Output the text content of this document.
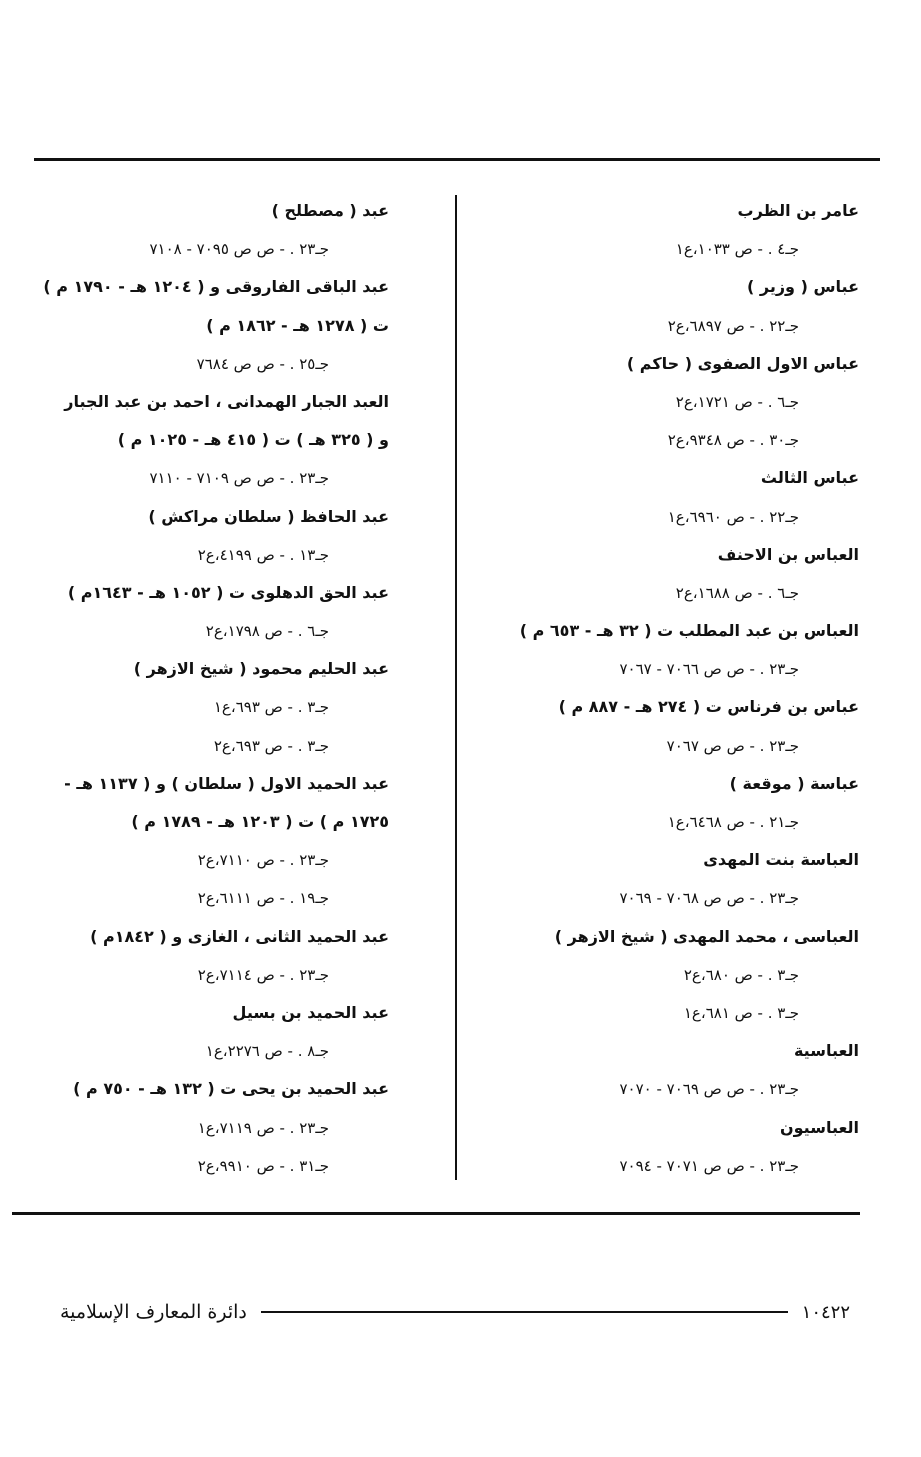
عامر بن الظرب
جـ٤ . - ص ١٠٣٣،ع١
عباس ( وزير )
جـ٢٢ . - ص ٦٨٩٧،ع٢
عباس الاول الصفوى ( حاكم )
جـ٦ . - ص ١٧٢١،ع٢
جـ٣٠ . - ص ٩٣٤٨،ع٢
عباس الثالث
جـ٢٢ . - ص ٦٩٦٠،ع١
العباس بن الاحنف
جـ٦ . - ص ١٦٨٨،ع٢
العباس بن عبد المطلب ت ( ٣٢ هـ - ٦٥٣ م )
جـ٢٣ . - ص ص ٧٠٦٦ - ٧٠٦٧
عباس بن فرناس ت ( ٢٧٤ هـ - ٨٨٧ م )
جـ٢٣ . - ص ص ٧٠٦٧
عباسة ( موقعة )
جـ٢١ . - ص ٦٤٦٨،ع١
العباسة بنت المهدى
جـ٢٣ . - ص ص ٧٠٦٨ - ٧٠٦٩
العباسى ، محمد المهدى ( شيخ الازهر )
جـ٣ . - ص ٦٨٠،ع٢
جـ٣ . - ص ٦٨١،ع١
العباسية
جـ٢٣ . - ص ص ٧٠٦٩ - ٧٠٧٠
العباسيون
جـ٢٣ . - ص ص ٧٠٧١ - ٧٠٩٤
عبد ( مصطلح )
جـ٢٣ . - ص ص ٧٠٩٥ - ٧١٠٨
عبد الباقى الفاروقى و ( ١٢٠٤ هـ - ١٧٩٠ م )
ت ( ١٢٧٨ هـ - ١٨٦٢ م )
جـ٢٥ . - ص ص ٧٦٨٤
العبد الجبار الهمدانى ، احمد بن عبد الجبار
و ( ٣٢٥ هـ ) ت ( ٤١٥ هـ - ١٠٢٥ م )
جـ٢٣ . - ص ص ٧١٠٩ - ٧١١٠
عبد الحافظ ( سلطان مراكش )
جـ١٣ . - ص ٤١٩٩،ع٢
عبد الحق الدهلوى ت ( ١٠٥٢ هـ - ١٦٤٣م )
جـ٦ . - ص ١٧٩٨،ع٢
عبد الحليم محمود ( شيخ الازهر )
جـ٣ . - ص ٦٩٣،ع١
جـ٣ . - ص ٦٩٣،ع٢
عبد الحميد الاول ( سلطان ) و ( ١١٣٧ هـ -
١٧٢٥ م ) ت ( ١٢٠٣ هـ - ١٧٨٩ م )
جـ٢٣ . - ص ٧١١٠،ع٢
جـ١٩ . - ص ٦١١١،ع٢
عبد الحميد الثانى ، الغازى و ( ١٨٤٢م )
جـ٢٣ . - ص ٧١١٤،ع٢
عبد الحميد بن بسيل
جـ٨ . - ص ٢٢٧٦،ع١
عبد الحميد بن يحى ت ( ١٣٢ هـ - ٧٥٠ م )
جـ٢٣ . - ص ٧١١٩،ع١
جـ٣١ . - ص ٩٩١٠،ع٢
دائرة المعارف الإسلامية	١٠٤٢٢
